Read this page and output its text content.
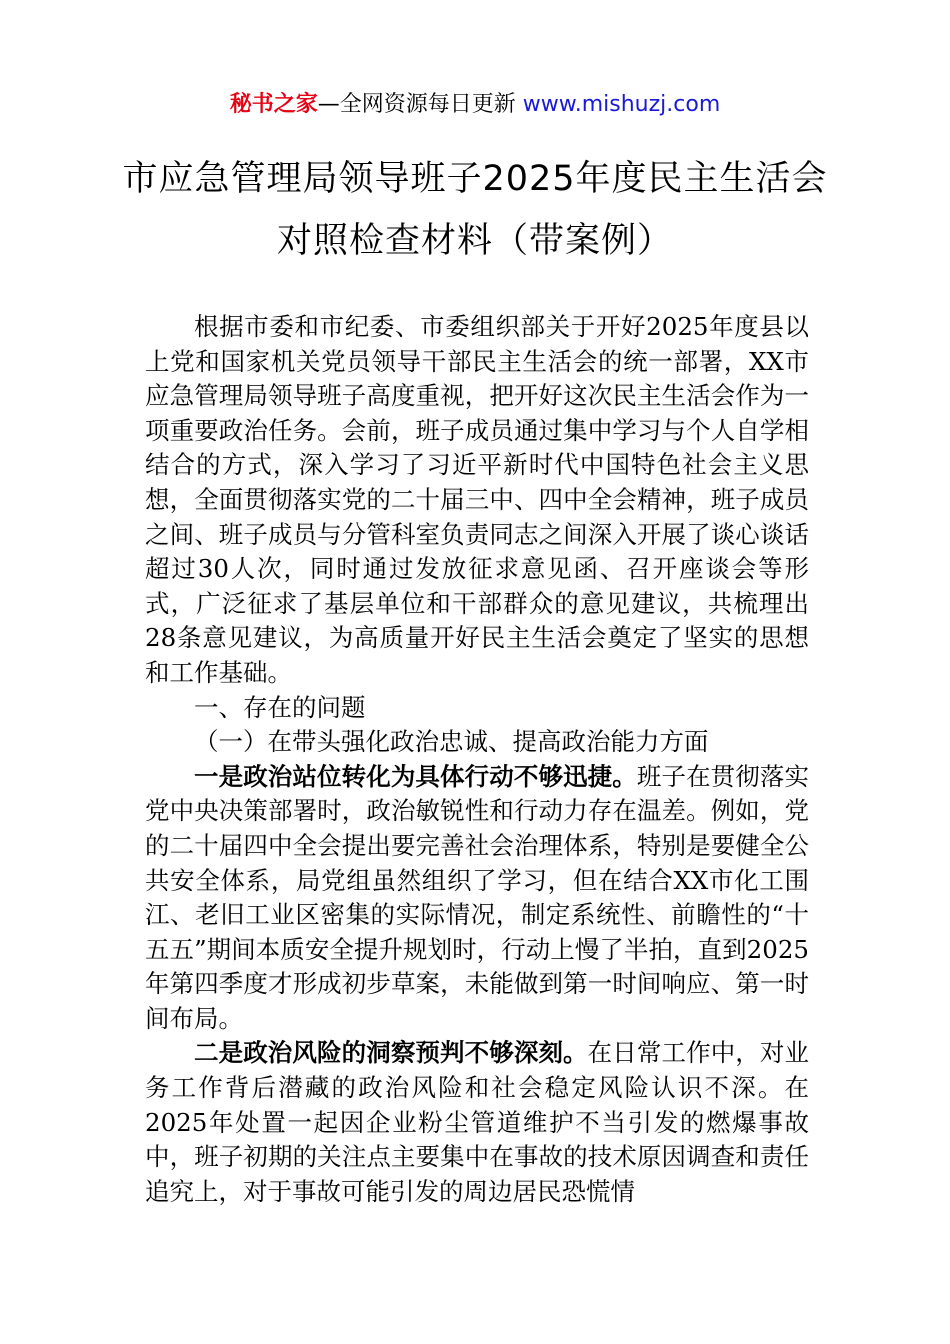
秘书之家—全网资源每日更新 www.mishuzj.com
市应急管理局领导班子2025年度民主生活会对照检查材料（带案例）

根据市委和市纪委、市委组织部关于开好2025年度县以上党和国家机关党员领导干部民主生活会的统一部署，XX市应急管理局领导班子高度重视，把开好这次民主生活会作为一项重要政治任务。会前，班子成员通过集中学习与个人自学相结合的方式，深入学习了习近平新时代中国特色社会主义思想，全面贯彻落实党的二十届三中、四中全会精神，班子成员之间、班子成员与分管科室负责同志之间深入开展了谈心谈话超过30人次，同时通过发放征求意见函、召开座谈会等形式，广泛征求了基层单位和干部群众的意见建议，共梳理出28条意见建议，为高质量开好民主生活会奠定了坚实的思想和工作基础。

一、存在的问题

（一）在带头强化政治忠诚、提高政治能力方面

一是政治站位转化为具体行动不够迅捷。班子在贯彻落实党中央决策部署时，政治敏锐性和行动力存在温差。例如，党的二十届四中全会提出要完善社会治理体系，特别是要健全公共安全体系，局党组虽然组织了学习，但在结合XX市化工围江、老旧工业区密集的实际情况，制定系统性、前瞻性的“十五五”期间本质安全提升规划时，行动上慢了半拍，直到2025年第四季度才形成初步草案，未能做到第一时间响应、第一时间布局。

二是政治风险的洞察预判不够深刻。在日常工作中，对业务工作背后潜藏的政治风险和社会稳定风险认识不深。在2025年处置一起因企业粉尘管道维护不当引发的燃爆事故中，班子初期的关注点主要集中在事故的技术原因调查和责任追究上，对于事故可能引发的周边居民恐慌情
